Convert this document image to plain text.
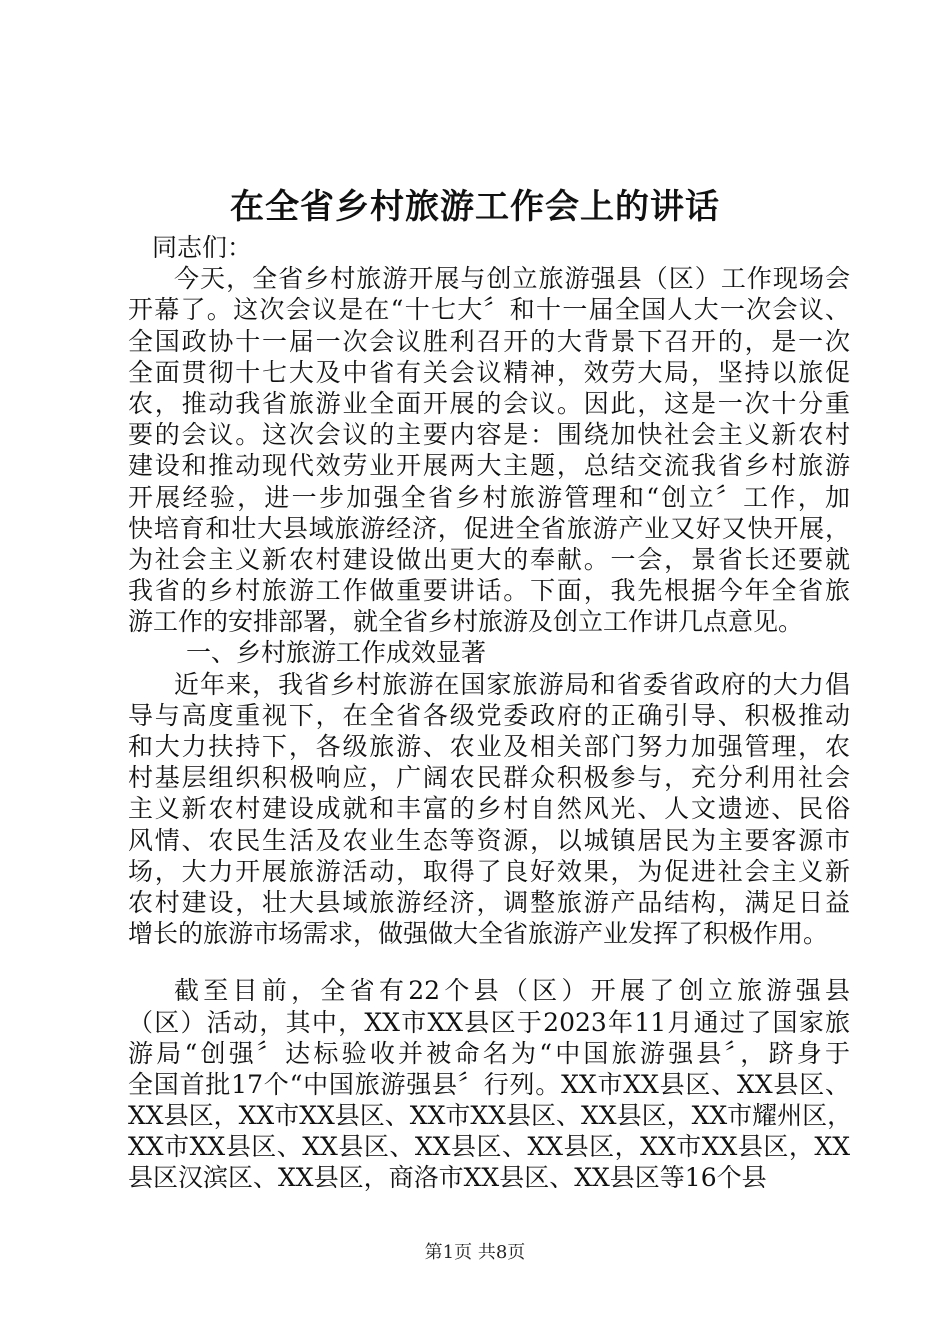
在全省乡村旅游工作会上的讲话
同志们：
今天，全省乡村旅游开展与创立旅游强县（区）工作现场会
开幕了。这次会议是在“十七大〞和十一届全国人大一次会议、
全国政协十一届一次会议胜利召开的大背景下召开的，是一次
全面贯彻十七大及中省有关会议精神，效劳大局，坚持以旅促
农，推动我省旅游业全面开展的会议。因此，这是一次十分重
要的会议。这次会议的主要内容是：围绕加快社会主义新农村
建设和推动现代效劳业开展两大主题，总结交流我省乡村旅游
开展经验，进一步加强全省乡村旅游管理和“创立〞工作，加
快培育和壮大县域旅游经济，促进全省旅游产业又好又快开展，
为社会主义新农村建设做出更大的奉献。一会，景省长还要就
我省的乡村旅游工作做重要讲话。下面，我先根据今年全省旅
游工作的安排部署，就全省乡村旅游及创立工作讲几点意见。
一、乡村旅游工作成效显著
近年来，我省乡村旅游在国家旅游局和省委省政府的大力倡
导与高度重视下，在全省各级党委政府的正确引导、积极推动
和大力扶持下，各级旅游、农业及相关部门努力加强管理，农
村基层组织积极响应，广阔农民群众积极参与，充分利用社会
主义新农村建设成就和丰富的乡村自然风光、人文遗迹、民俗
风情、农民生活及农业生态等资源，以城镇居民为主要客源市
场，大力开展旅游活动，取得了良好效果，为促进社会主义新
农村建设，壮大县域旅游经济，调整旅游产品结构，满足日益
增长的旅游市场需求，做强做大全省旅游产业发挥了积极作用。
截至目前，全省有22个县（区）开展了创立旅游强县
（区）活动，其中，XX市XX县区于2023年11月通过了国家旅
游局“创强〞达标验收并被命名为“中国旅游强县〞，跻身于
全国首批17个“中国旅游强县〞行列。XX市XX县区、XX县区、
XX县区，XX市XX县区、XX市XX县区、XX县区，XX市耀州区，
XX市XX县区、XX县区、XX县区、XX县区，XX市XX县区，XX
县区汉滨区、XX县区，商洛市XX县区、XX县区等16个县
第1页 共8页
